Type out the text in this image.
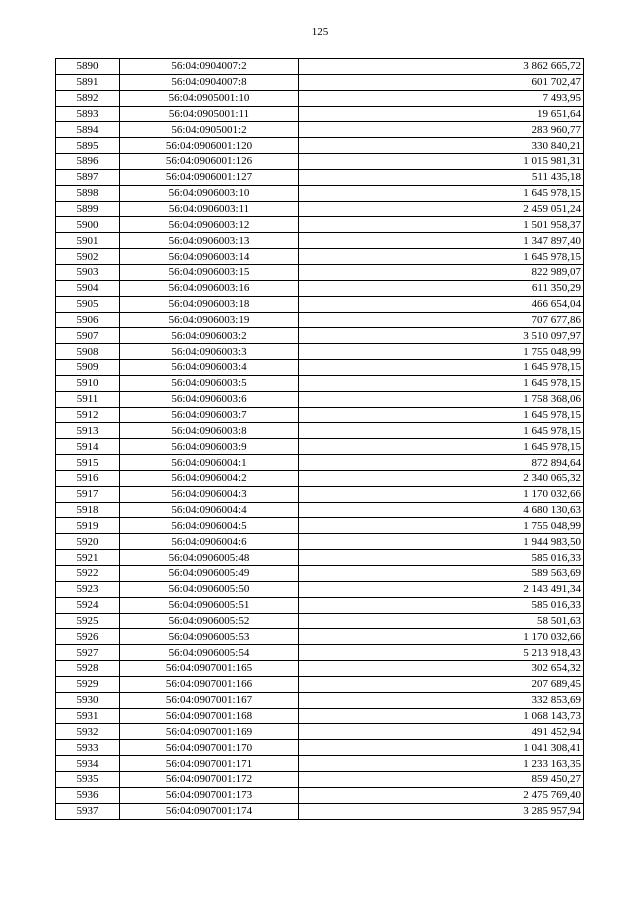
125
5890	56:04:0904007:2	3 862 665,72
5891	56:04:0904007:8	601 702,47
5892	56:04:0905001:10	7 493,95
5893	56:04:0905001:11	19 651,64
5894	56:04:0905001:2	283 960,77
5895	56:04:0906001:120	330 840,21
5896	56:04:0906001:126	1 015 981,31
5897	56:04:0906001:127	511 435,18
5898	56:04:0906003:10	1 645 978,15
5899	56:04:0906003:11	2 459 051,24
5900	56:04:0906003:12	1 501 958,37
5901	56:04:0906003:13	1 347 897,40
5902	56:04:0906003:14	1 645 978,15
5903	56:04:0906003:15	822 989,07
5904	56:04:0906003:16	611 350,29
5905	56:04:0906003:18	466 654,04
5906	56:04:0906003:19	707 677,86
5907	56:04:0906003:2	3 510 097,97
5908	56:04:0906003:3	1 755 048,99
5909	56:04:0906003:4	1 645 978,15
5910	56:04:0906003:5	1 645 978,15
5911	56:04:0906003:6	1 758 368,06
5912	56:04:0906003:7	1 645 978,15
5913	56:04:0906003:8	1 645 978,15
5914	56:04:0906003:9	1 645 978,15
5915	56:04:0906004:1	872 894,64
5916	56:04:0906004:2	2 340 065,32
5917	56:04:0906004:3	1 170 032,66
5918	56:04:0906004:4	4 680 130,63
5919	56:04:0906004:5	1 755 048,99
5920	56:04:0906004:6	1 944 983,50
5921	56:04:0906005:48	585 016,33
5922	56:04:0906005:49	589 563,69
5923	56:04:0906005:50	2 143 491,34
5924	56:04:0906005:51	585 016,33
5925	56:04:0906005:52	58 501,63
5926	56:04:0906005:53	1 170 032,66
5927	56:04:0906005:54	5 213 918,43
5928	56:04:0907001:165	302 654,32
5929	56:04:0907001:166	207 689,45
5930	56:04:0907001:167	332 853,69
5931	56:04:0907001:168	1 068 143,73
5932	56:04:0907001:169	491 452,94
5933	56:04:0907001:170	1 041 308,41
5934	56:04:0907001:171	1 233 163,35
5935	56:04:0907001:172	859 450,27
5936	56:04:0907001:173	2 475 769,40
5937	56:04:0907001:174	3 285 957,94
